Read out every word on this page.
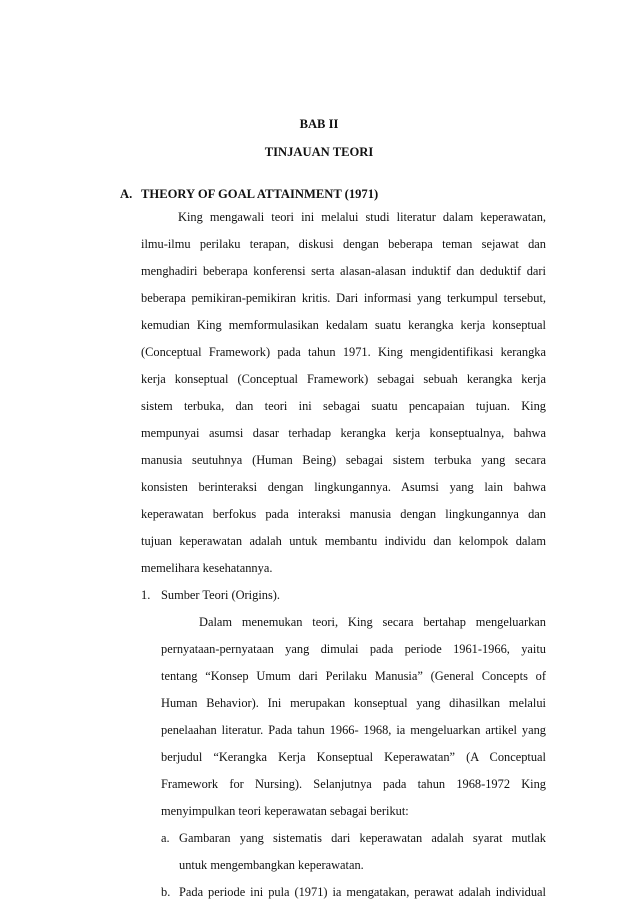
BAB II
TINJAUAN TEORI
A. THEORY OF GOAL ATTAINMENT (1971)
King mengawali teori ini melalui studi literatur dalam keperawatan,
ilmu-ilmu perilaku terapan, diskusi dengan beberapa teman sejawat dan
menghadiri beberapa konferensi serta alasan-alasan induktif dan deduktif dari
beberapa pemikiran-pemikiran kritis. Dari informasi yang terkumpul tersebut,
kemudian King memformulasikan kedalam suatu kerangka kerja konseptual
(Conceptual Framework) pada tahun 1971. King mengidentifikasi kerangka
kerja konseptual (Conceptual Framework) sebagai sebuah kerangka kerja
sistem terbuka, dan teori ini sebagai suatu pencapaian tujuan. King
mempunyai asumsi dasar terhadap kerangka kerja konseptualnya, bahwa
manusia seutuhnya (Human Being) sebagai sistem terbuka yang secara
konsisten berinteraksi dengan lingkungannya. Asumsi yang lain bahwa
keperawatan berfokus pada interaksi manusia dengan lingkungannya dan
tujuan keperawatan adalah untuk membantu individu dan kelompok dalam
memelihara kesehatannya.
1. Sumber Teori (Origins).
Dalam menemukan teori, King secara bertahap mengeluarkan
pernyataan-pernyataan yang dimulai pada periode 1961-1966, yaitu
tentang “Konsep Umum dari Perilaku Manusia” (General Concepts of
Human Behavior). Ini merupakan konseptual yang dihasilkan melalui
penelaahan literatur. Pada tahun 1966- 1968, ia mengeluarkan artikel yang
berjudul “Kerangka Kerja Konseptual Keperawatan” (A Conceptual
Framework for Nursing). Selanjutnya pada tahun 1968-1972 King
menyimpulkan teori keperawatan sebagai berikut:
a. Gambaran yang sistematis dari keperawatan adalah syarat mutlak
untuk mengembangkan keperawatan.
b. Pada periode ini pula (1971) ia mengatakan, perawat adalah individual
